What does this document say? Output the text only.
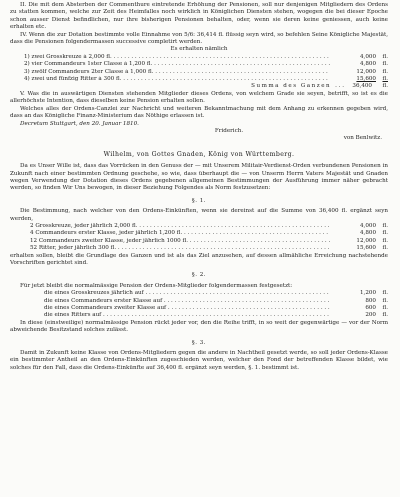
II. Die mit dem Absterben der Commenthure eintretende Erhöhung der Pensionen, soll nur denjenigen Mitgliedern des Ordens zu statten kommen, welche zur Zeit des Heimfalles noch wirklich in Königlichen Diensten stehen, wogegen die bei dieser Epoche schon ausser Dienst befindlichen, nur ihre bisherigen Pensionen behalten, oder, wenn sie deren keine geniessen, auch keine erhalten etc.

IV. Wenn die zur Dotation bestimmte volle Einnahme von 5/6: 36,414 fl. flüssig seyn wird, so befehlen Seine Königliche Majestät, dass die Pensionen folgendermassen successive completirt werden.

Es erhalten nämlich

1) zwei Grosskreuze à 2,000 fl. . . .	4,000	fl.
2) vier Commandeurs 1ster Classe à 1,200 fl. . . .	4,800	fl.
3) zwölf Commandeurs 2ter Classe à 1,000 fl. . . .	12,000	fl.
4) zwei und fünfzig Ritter à 300 fl. . . .	15,600	fl.
Summa des Ganzen . . .	36,400	fl.

V. Was die in auswärtigen Diensten stehenden Mitglieder dieses Ordens, von welchem Grade sie seyen, betrifft, so ist es die allerhöchste Intention, dass dieselben keine Pension erhalten sollen.

Welches alles der Ordens-Canzlei zur Nachricht und weiteren Bekanntmachung mit dem Anhang zu erkennen gegeben wird, dass an das Königliche Finanz-Ministerium das Nöthige erlassen ist.

Decretum Stuttgart, den 20. Januar 1810.

Friderich.

von Benlwitz.

Wilhelm, von Gottes Gnaden, König von Württemberg.

Da es Unser Wille ist, dass das Vorrücken in den Genuss der — mit Unserem Militair-Verdienst-Orden verbundenen Pensionen in Zukunft nach einer bestimmten Ordnung geschehe, so wie, dass überhaupt die — von Unserm Herrn Vaters Majestät und Gnaden wegen Verwendung der Dotation dieses Ordens gegebenen allgemeinen Bestimmungen der Ausführung immer näher gebracht werden, so finden Wir Uns bewogen, in dieser Beziehung Folgendes als Norm festzusetzen:

§. 1.

Die Bestimmung, nach welcher von den Ordens-Einkünften, wenn sie dereinst auf die Summe von 36,400 fl. ergänzt seyn werden,

2 Grosskreuze, jeder jährlich 2,000 fl. . . .	4,000	fl.
4 Commandeurs erster Klasse, jeder jährlich 1,200 fl. . . .	4,800	fl.
12 Commandeurs zweiter Klasse, jeder jährlich 1000 fl. . . .	12,000	fl.
52 Ritter, jeder jährlich 300 fl. . . .	15,600	fl.

erhalten sollen, bleibt die Grundlage des Ganzen und ist als das Ziel anzusehen, auf dessen allmähliche Erreichung nachstehende Vorschriften gerichtet sind.

§. 2.

Für jetzt bleibt die normalmässige Pension der Ordens-Mitglieder folgendermassen festgesetzt:

die eines Grosskreuzes jährlich auf . . .	1,200	fl.
die eines Commandeurs erster Klasse auf . . .	800	fl.
die eines Commandeurs zweiter Klasse auf . . .	600	fl.
die eines Ritters auf . . .	200	fl.

In diese (einstweilige) normalmässige Pension rückt jeder vor, den die Reihe trifft, in so weit der gegenwärtige — vor der Norm abweichende Besitzstand solches zulässt.

§. 3.

Damit in Zukunft keine Klasse von Ordens-Mitgliedern gegen die andere in Nachtheil gesetzt werde, so soll jeder Ordens-Klasse ein bestimmter Antheil an den Ordens-Einkünften zugeschieden werden, welcher den Fond der betreffenden Klasse bildet, wie solches für den Fall, dass die Ordens-Einkünfte auf 36,400 fl. ergänzt seyn werden, §. 1. bestimmt ist.
